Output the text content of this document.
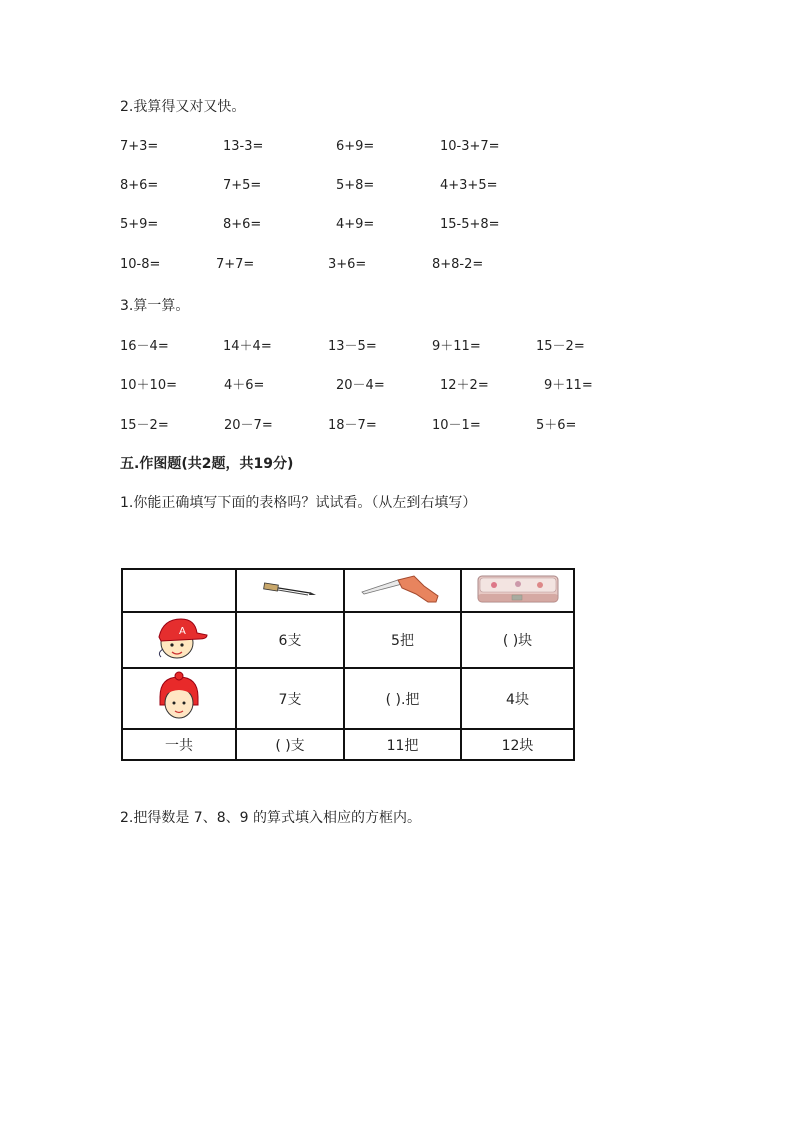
2.我算得又对又快。
7+3=	13-3=	6+9=	10-3+7=
8+6=	7+5=	5+8=	4+3+5=
5+9=	8+6=	4+9=	15-5+8=
10-8=	7+7=	3+6=	8+8-2=
3.算一算。
16－4=	14＋4=	13－5=	9＋11=	15－2=
10＋10=	4＋6=	20－4=	12＋2=	9＋11=
15－2=	20－7=	18－7=	10－1=	5＋6=
五.作图题(共2题，共19分)
1.你能正确填写下面的表格吗？试试看。（从左到右填写）

A	6支	5把	( )块
	7支	( ).把	4块
一共	( )支	11把	12块
2.把得数是 7、8、9 的算式填入相应的方框内。
